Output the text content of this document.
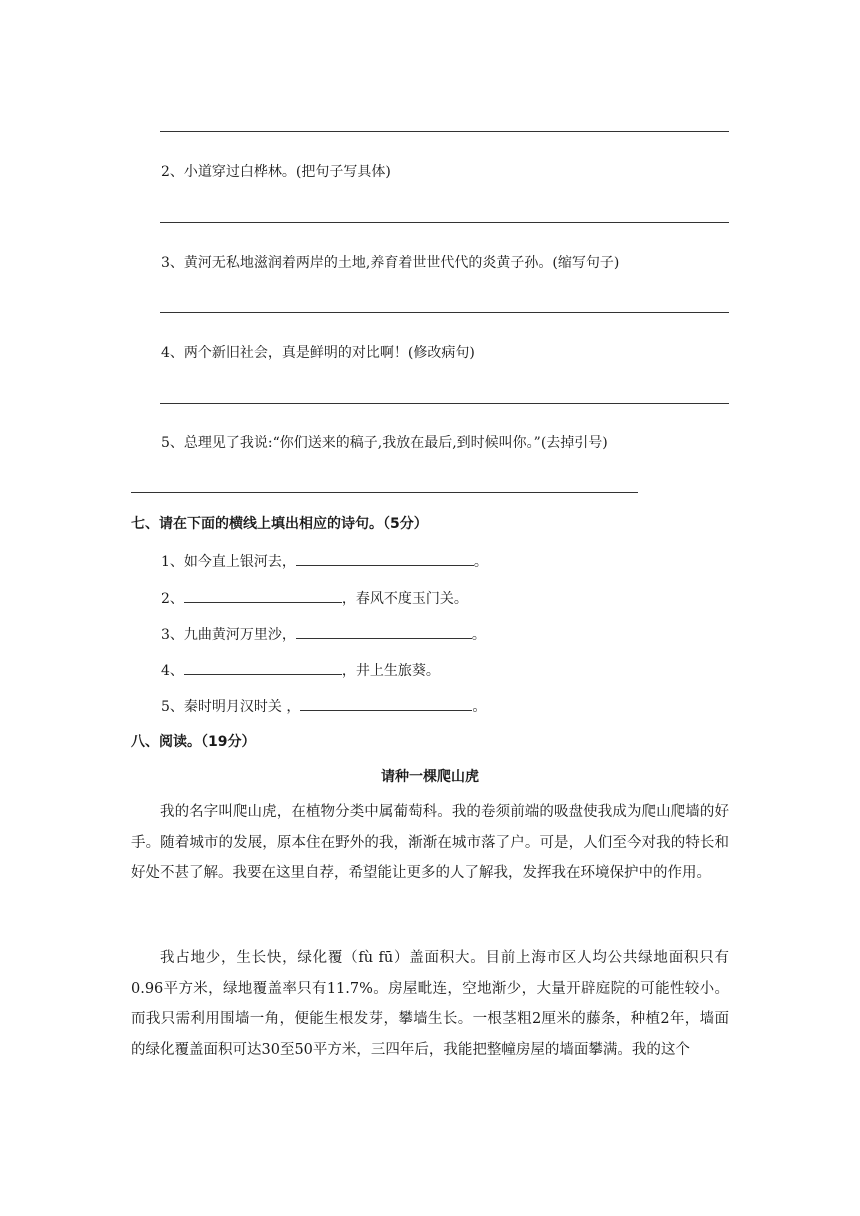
2、小道穿过白桦林。(把句子写具体)
3、黄河无私地滋润着两岸的土地,养育着世世代代的炎黄子孙。(缩写句子)
4、两个新旧社会，真是鲜明的对比啊！(修改病句)
5、总理见了我说:“你们送来的稿子,我放在最后,到时候叫你。”(去掉引号)
七、请在下面的横线上填出相应的诗句。（5分）
1、如今直上银河去，	。
2、	，春风不度玉门关。
3、九曲黄河万里沙，	。
4、	，井上生旅葵。
5、秦时明月汉时关 ，	。
八、阅读。（19分）
请种一棵爬山虎

我的名字叫爬山虎，在植物分类中属葡萄科。我的卷须前端的吸盘使我成为爬山爬墙的好手。随着城市的发展，原本住在野外的我，渐渐在城市落了户。可是，人们至今对我的特长和好处不甚了解。我要在这里自荐，希望能让更多的人了解我，发挥我在环境保护中的作用。

我占地少，生长快，绿化覆（fù fū）盖面积大。目前上海市区人均公共绿地面积只有0.96平方米，绿地覆盖率只有11.7%。房屋毗连，空地渐少，大量开辟庭院的可能性较小。而我只需利用围墙一角，便能生根发芽，攀墙生长。一根茎粗2厘米的藤条，种植2年，墙面的绿化覆盖面积可达30至50平方米，三四年后，我能把整幢房屋的墙面攀满。我的这个
